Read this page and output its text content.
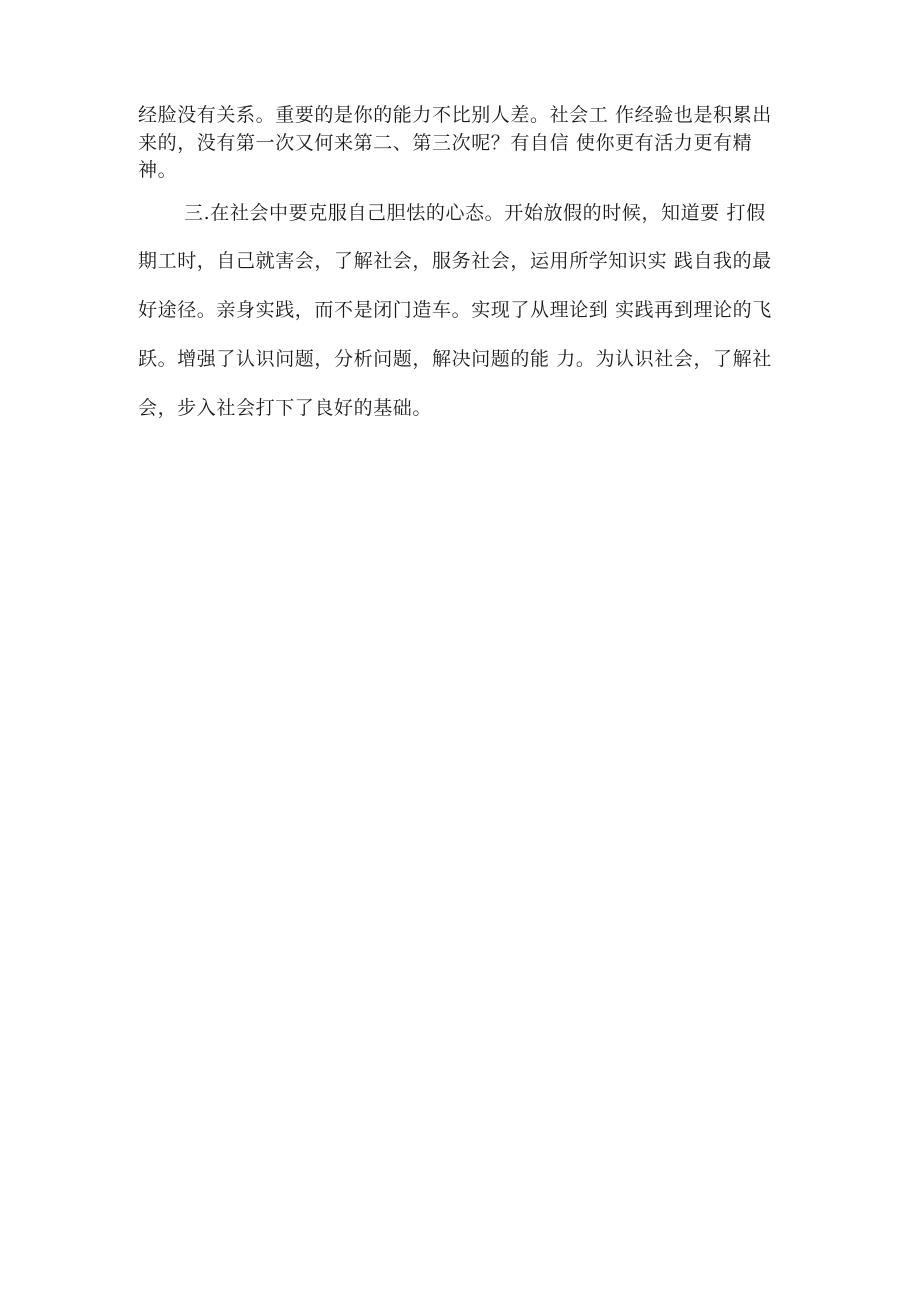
经脸没有关系。重要的是你的能力不比别人差。社会工 作经验也是积累出
来的，没有第一次又何来第二、第三次呢？有自信 使你更有活力更有精
神。
三.在社会中要克服自己胆怯的心态。开始放假的时候，知道要 打假
期工时，自己就害会，了解社会，服务社会，运用所学知识实 践自我的最
好途径。亲身实践，而不是闭门造车。实现了从理论到 实践再到理论的飞
跃。增强了认识问题，分析问题，解决问题的能 力。为认识社会，了解社
会，步入社会打下了良好的基础。
